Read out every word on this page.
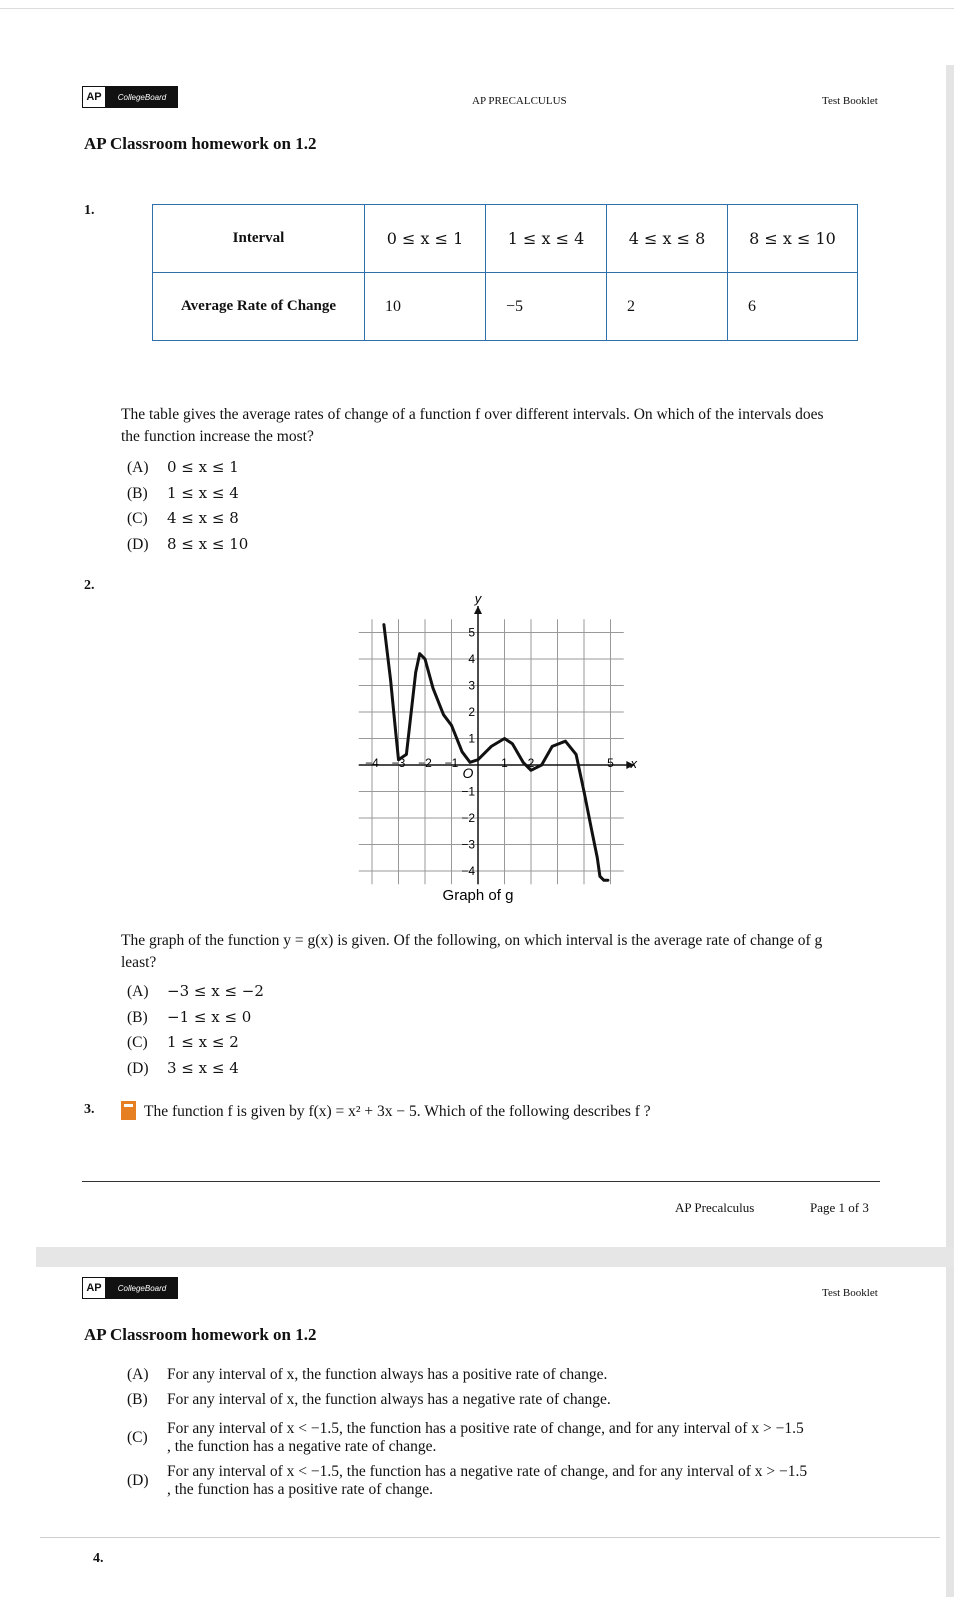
AP	CollegeBoard	AP PRECALCULUS	Test Booklet
AP Classroom homework on 1.2
1.
Interval	0 ≤ x ≤ 1	1 ≤ x ≤ 4	4 ≤ x ≤ 8	8 ≤ x ≤ 10
Average Rate of Change	10	−5	2	6
The table gives the average rates of change of a function f over different intervals. On which of the intervals does
the function increase the most?
(A)	0 ≤ x ≤ 1
(B)	1 ≤ x ≤ 4
(C)	4 ≤ x ≤ 8
(D)	8 ≤ x ≤ 10
2.
−4 −3 −2 −1	1 2	5
5
4
3
2
1
−1
−2
−3
−4
y
x
O
Graph of g
The graph of the function y = g(x) is given. Of the following, on which interval is the average rate of change of g
least?
(A)	−3 ≤ x ≤ −2
(B)	−1 ≤ x ≤ 0
(C)	1 ≤ x ≤ 2
(D)	3 ≤ x ≤ 4
3.	The function f is given by f(x) = x² + 3x − 5. Which of the following describes f ?
AP Precalculus	Page 1 of 3
AP	CollegeBoard	Test Booklet
AP Classroom homework on 1.2
(A)	For any interval of x, the function always has a positive rate of change.
(B)	For any interval of x, the function always has a negative rate of change.
(C)
For any interval of x < −1.5, the function has a positive rate of change, and for any interval of x > −1.5
, the function has a negative rate of change.
(D)
For any interval of x < −1.5, the function has a negative rate of change, and for any interval of x > −1.5
, the function has a positive rate of change.
4.
